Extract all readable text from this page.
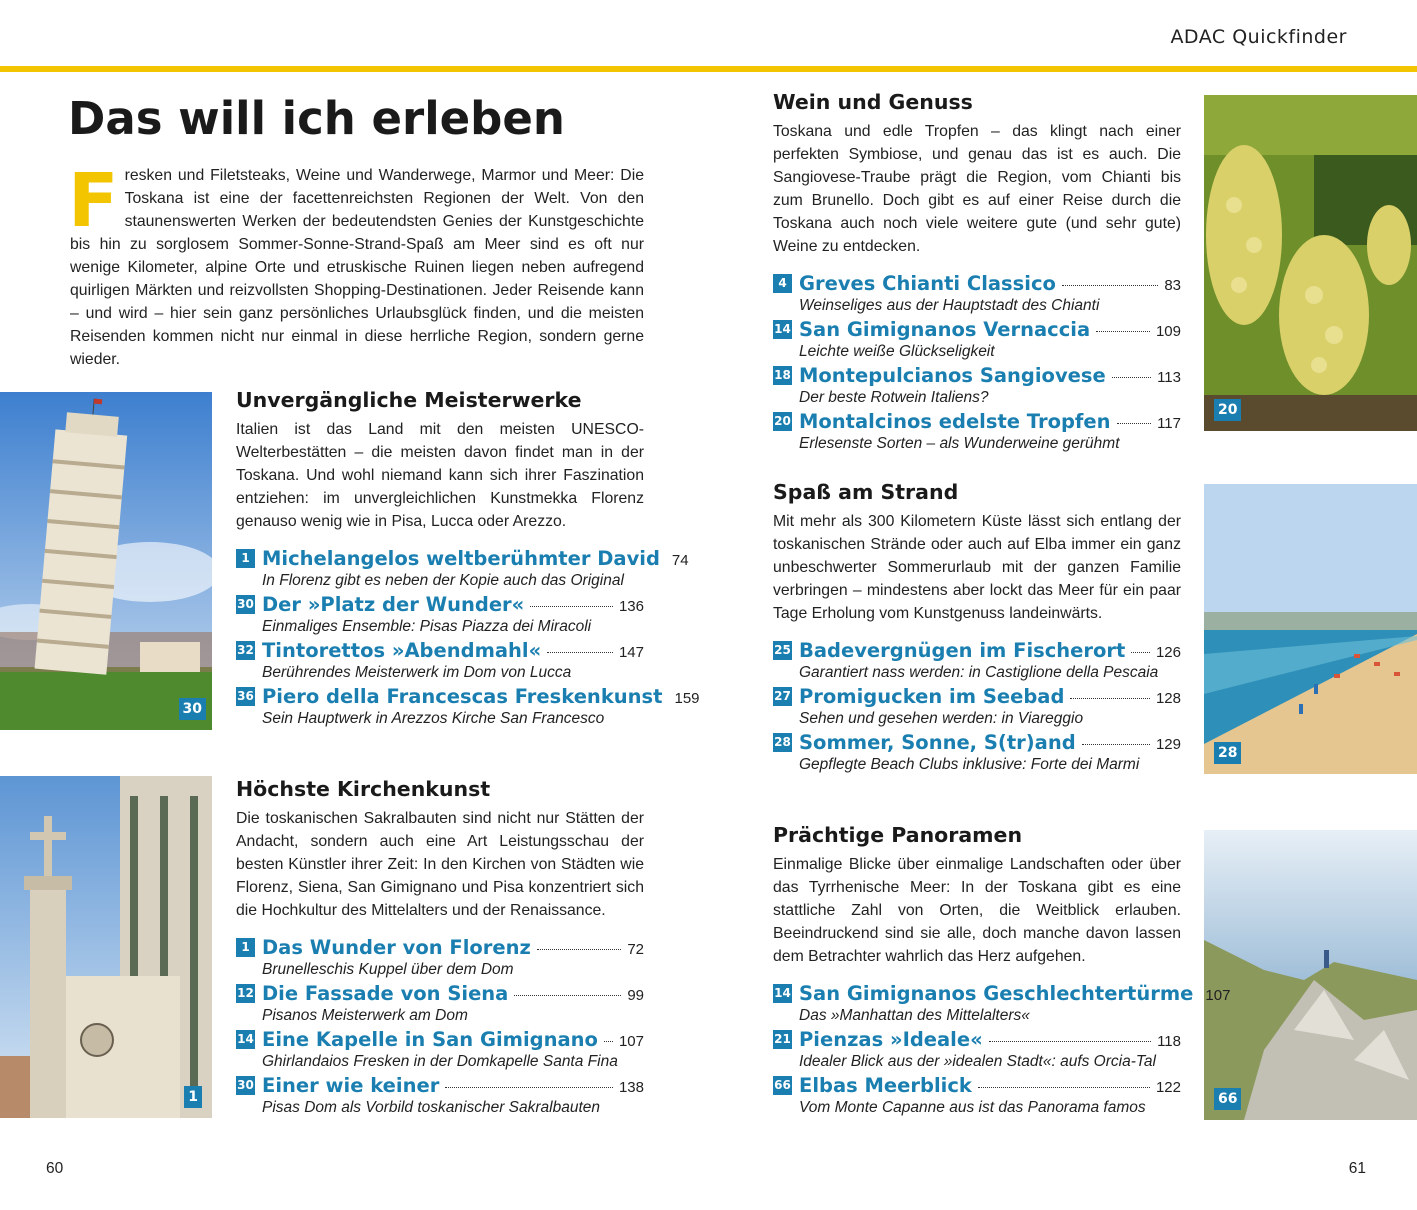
ADAC Quickfinder
Das will ich erleben

Fresken und Filetsteaks, Weine und Wanderwege, Marmor und Meer: Die Toskana ist eine der facettenreichsten Regionen der Welt. Von den staunenswerten Werken der bedeutendsten Genies der Kunstgeschichte bis hin zu sorglosem Sommer-Sonne-Strand-Spaß am Meer sind es oft nur wenige Kilometer, alpine Orte und etruskische Ruinen liegen neben aufregend quirligen Märkten und reizvollsten Shopping-Destinationen. Jeder Reisende kann – und wird – hier sein ganz persönliches Urlaubsglück finden, und die meisten Reisenden kommen nicht nur einmal in diese herrliche Region, sondern gerne wieder.

30
1
20
28
66
Unvergängliche Meisterwerke

Italien ist das Land mit den meisten UNESCO-Welterbestätten – die meisten davon findet man in der Toskana. Und wohl niemand kann sich ihrer Faszination entziehen: im unvergleichlichen Kunstmekka Florenz genauso wenig wie in Pisa, Lucca oder Arezzo.

1 Michelangelos weltberühmter David 74
In Florenz gibt es neben der Kopie auch das Original
30 Der »Platz der Wunder«	136
Einmaliges Ensemble: Pisas Piazza dei Miracoli
32 Tintorettos »Abendmahl«	147
Berührendes Meisterwerk im Dom von Lucca
36 Piero della Francescas Freskenkunst 159
Sein Hauptwerk in Arezzos Kirche San Francesco
Höchste Kirchenkunst

Die toskanischen Sakralbauten sind nicht nur Stätten der Andacht, sondern auch eine Art Leistungsschau der besten Künstler ihrer Zeit: In den Kirchen von Städten wie Florenz, Siena, San Gimignano und Pisa konzentriert sich die Hochkultur des Mittelalters und der Renaissance.

1 Das Wunder von Florenz	72
Brunelleschis Kuppel über dem Dom
12 Die Fassade von Siena	99
Pisanos Meisterwerk am Dom
14 Eine Kapelle in San Gimignano 107
Ghirlandaios Fresken in der Domkapelle Santa Fina
30 Einer wie keiner	138
Pisas Dom als Vorbild toskanischer Sakralbauten
Wein und Genuss

Toskana und edle Tropfen – das klingt nach einer perfekten Symbiose, und genau das ist es auch. Die Sangiovese-Traube prägt die Region, vom Chianti bis zum Brunello. Doch gibt es auf einer Reise durch die Toskana auch noch viele weitere gute (und sehr gute) Weine zu entdecken.

4 Greves Chianti Classico	83
Weinseliges aus der Hauptstadt des Chianti
14 San Gimignanos Vernaccia	109
Leichte weiße Glückseligkeit
18 Montepulcianos Sangiovese	113
Der beste Rotwein Italiens?
20 Montalcinos edelste Tropfen	117
Erlesenste Sorten – als Wunderweine gerühmt
Spaß am Strand

Mit mehr als 300 Kilometern Küste lässt sich entlang der toskanischen Strände oder auch auf Elba immer ein ganz unbeschwerter Sommerurlaub mit der ganzen Familie verbringen – mindestens aber lockt das Meer für ein paar Tage Erholung vom Kunstgenuss landeinwärts.

25 Badevergnügen im Fischerort 126
Garantiert nass werden: in Castiglione della Pescaia
27 Promigucken im Seebad	128
Sehen und gesehen werden: in Viareggio
28 Sommer, Sonne, S(tr)and	129
Gepflegte Beach Clubs inklusive: Forte dei Marmi
Prächtige Panoramen

Einmalige Blicke über einmalige Landschaften oder über das Tyrrhenische Meer: In der Toskana gibt es eine stattliche Zahl von Orten, die Weitblick erlauben. Beeindruckend sind sie alle, doch manche davon lassen dem Betrachter wahrlich das Herz aufgehen.

14 San Gimignanos Geschlechtertürme 107
Das »Manhattan des Mittelalters«
21 Pienzas »Ideale«	118
Idealer Blick aus der »idealen Stadt«: aufs Orcia-Tal
66 Elbas Meerblick	122
Vom Monte Capanne aus ist das Panorama famos
60	61
